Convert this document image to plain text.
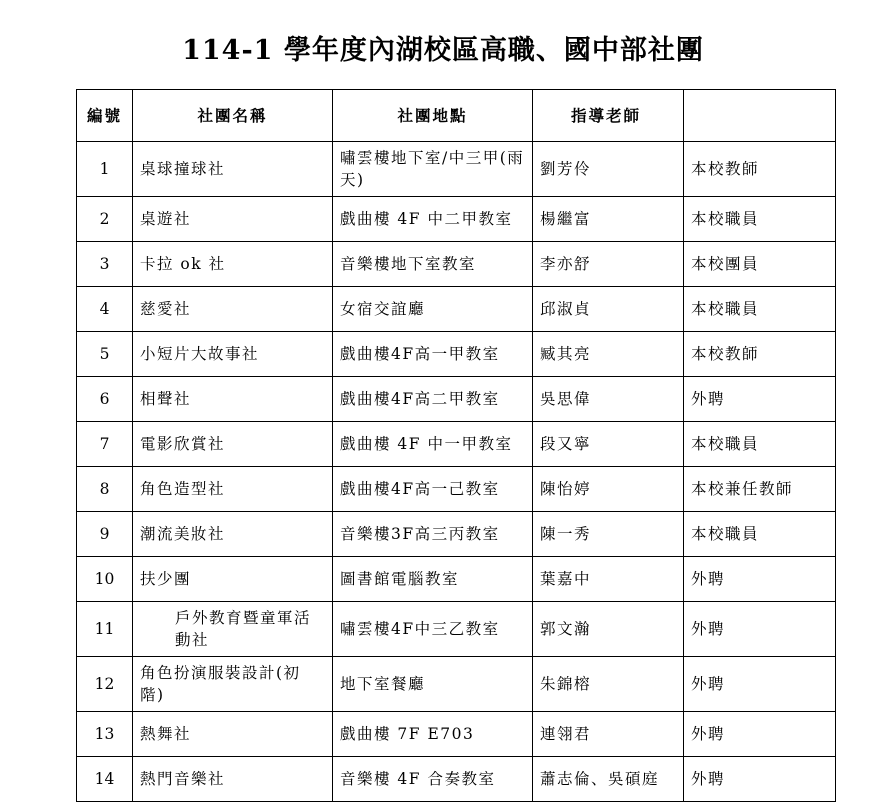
114-1 學年度內湖校區高職、國中部社團
編號	社團名稱	社團地點	指導老師	
1	桌球撞球社	嘯雲樓地下室/中三甲(雨天)	劉芳伶	本校教師
2	桌遊社	戲曲樓 4F 中二甲教室	楊繼富	本校職員
3	卡拉 ok 社	音樂樓地下室教室	李亦舒	本校團員
4	慈愛社	女宿交誼廳	邱淑貞	本校職員
5	小短片大故事社	戲曲樓4F高一甲教室	臧其亮	本校教師
6	相聲社	戲曲樓4F高二甲教室	吳思偉	外聘
7	電影欣賞社	戲曲樓 4F 中一甲教室	段又寧	本校職員
8	角色造型社	戲曲樓4F高一己教室	陳怡婷	本校兼任教師
9	潮流美妝社	音樂樓3F高三丙教室	陳一秀	本校職員
10	扶少團	圖書館電腦教室	葉嘉中	外聘
11	戶外教育暨童軍活動社	嘯雲樓4F中三乙教室	郭文瀚	外聘
12	角色扮演服裝設計(初階)	地下室餐廳	朱錦榕	外聘
13	熱舞社	戲曲樓 7F E703	連翎君	外聘
14	熱門音樂社	音樂樓 4F 合奏教室	蕭志倫、吳碩庭	外聘
